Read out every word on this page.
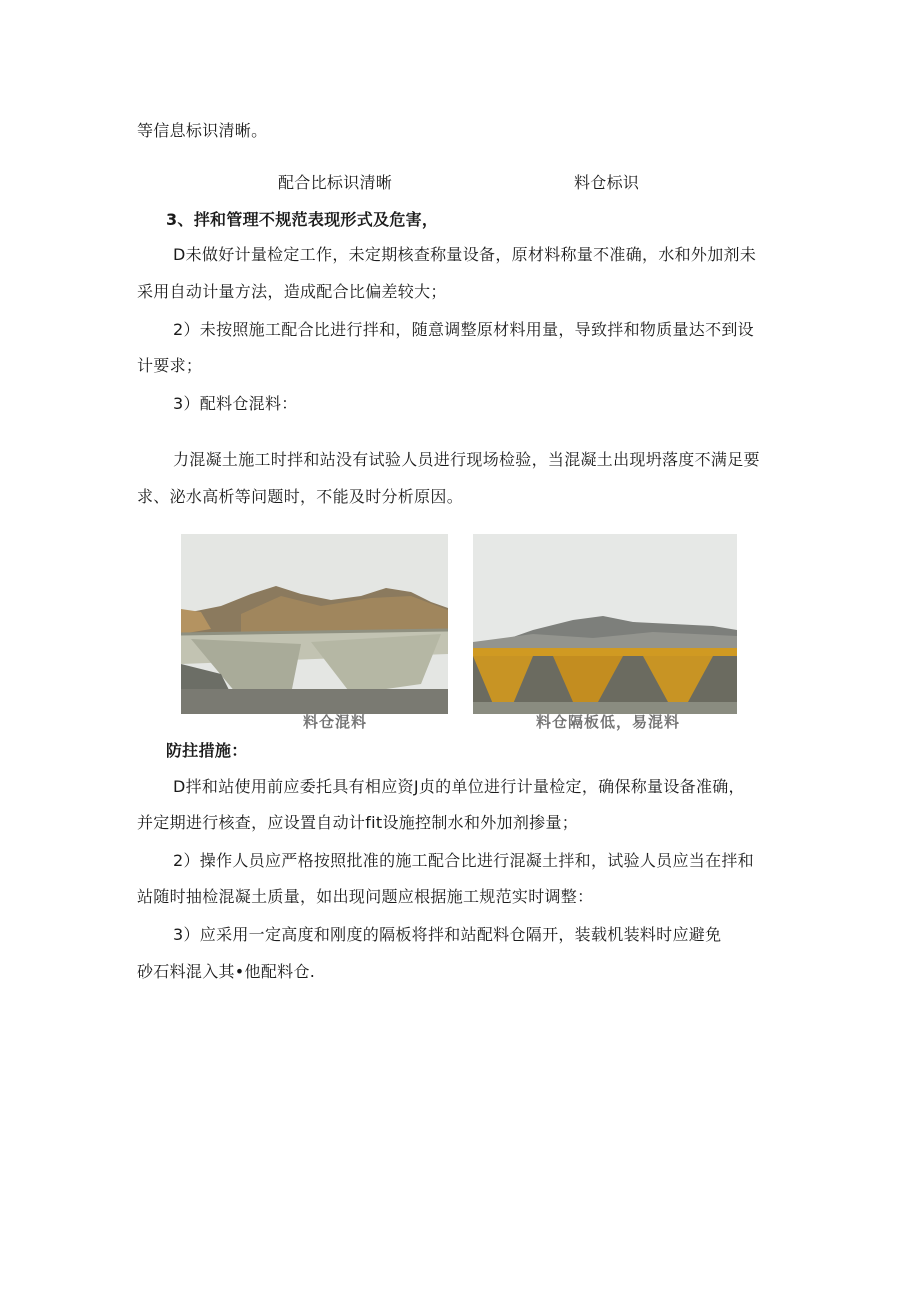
等信息标识清晰。
配合比标识清晰	料仓标识
3、拌和管理不规范表现形式及危害，
D未做好计量检定工作，未定期核查称量设备，原材料称量不准确，水和外加剂未
采用自动计量方法，造成配合比偏差较大；
2）未按照施工配合比进行拌和，随意调整原材料用量，导致拌和物质量达不到设
计要求；
3）配料仓混料：
力混凝土施工时拌和站没有试验人员进行现场检验，当混凝土出现坍落度不满足要
求、泌水高析等问题时，不能及时分析原因。
料仓混料	料仓隔板低，易混料
防拄措施：
D拌和站使用前应委托具有相应资J贞的单位进行计量检定，确保称量设备准确，
并定期进行核查，应设置自动计fit设施控制水和外加剂掺量；
2）操作人员应严格按照批准的施工配合比进行混凝土拌和，试验人员应当在拌和
站随时抽检混凝土质量，如出现问题应根据施工规范实时调整：
3）应采用一定高度和刚度的隔板将拌和站配料仓隔开，装载机装料时应避免
砂石料混入其•他配料仓.
